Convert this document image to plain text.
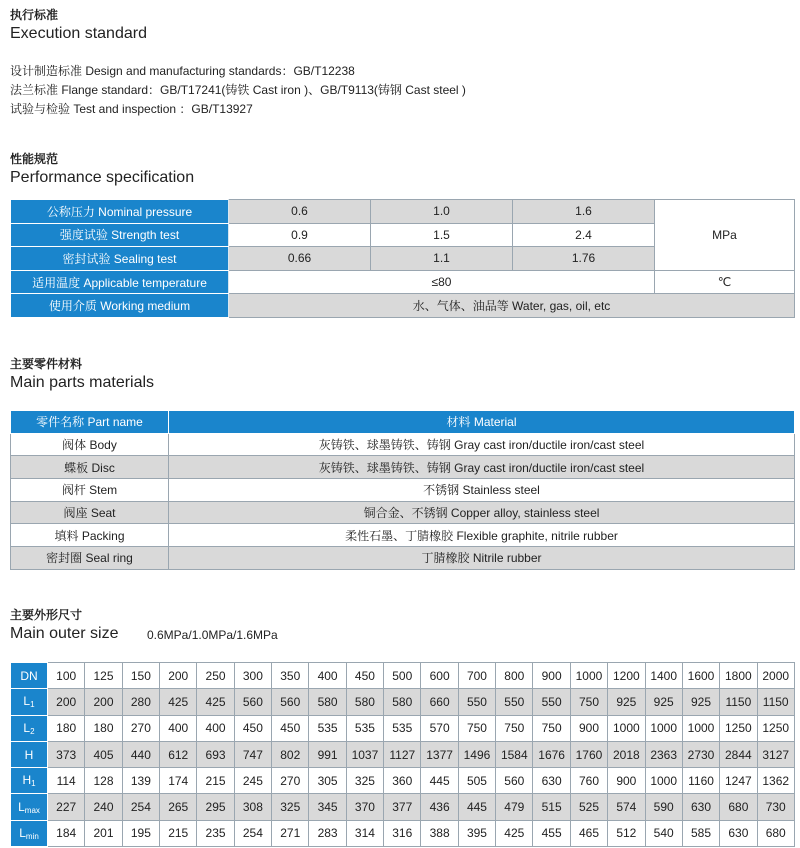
执行标准
Execution standard
设计制造标准 Design and manufacturing standards：GB/T12238
法兰标准 Flange standard：GB/T17241(铸铁 Cast iron )、GB/T9113(铸钢 Cast steel )
试验与检验 Test and inspection ：GB/T13927
性能规范
Performance specification
公称压力 Nominal pressure	0.6	1.0	1.6	MPa
强度试验 Strength test	0.9	1.5	2.4	
密封试验 Sealing test	0.66	1.1	1.76	
适用温度 Applicable temperature	≤80			℃
使用介质 Working medium	水、气体、油品等 Water, gas, oil, etc			
主要零件材料
Main parts materials
零件名称 Part name	材料 Material
阀体 Body	灰铸铁、球墨铸铁、铸钢 Gray cast iron/ductile iron/cast steel
蝶板 Disc	灰铸铁、球墨铸铁、铸钢 Gray cast iron/ductile iron/cast steel
阀杆 Stem	不锈钢 Stainless steel
阀座 Seat	铜合金、不锈钢 Copper alloy, stainless steel
填料 Packing	柔性石墨、丁腈橡胶 Flexible graphite, nitrile rubber
密封圈 Seal ring	丁腈橡胶 Nitrile rubber
主要外形尺寸
Main outer size 0.6MPa/1.0MPa/1.6MPa
DN	100	125	150	200	250	300	350	400	450	500	600	700	800	900	1000	1200	1400	1600	1800	2000
$L_1$	200	200	280	425	425	560	560	580	580	580	660	550	550	550	750	925	925	925	1150	1150
$L_2$	180	180	270	400	400	450	450	535	535	535	570	750	750	750	900	1000	1000	1000	1250	1250
H	373	405	440	612	693	747	802	991	1037	1127	1377	1496	1584	1676	1760	2018	2363	2730	2844	3127
$H_1$	114	128	139	174	215	245	270	305	325	360	445	505	560	630	760	900	1000	1160	1247	1362
$L_{max}$	227	240	254	265	295	308	325	345	370	377	436	445	479	515	525	574	590	630	680	730
$L_{min}$	184	201	195	215	235	254	271	283	314	316	388	395	425	455	465	512	540	585	630	680
